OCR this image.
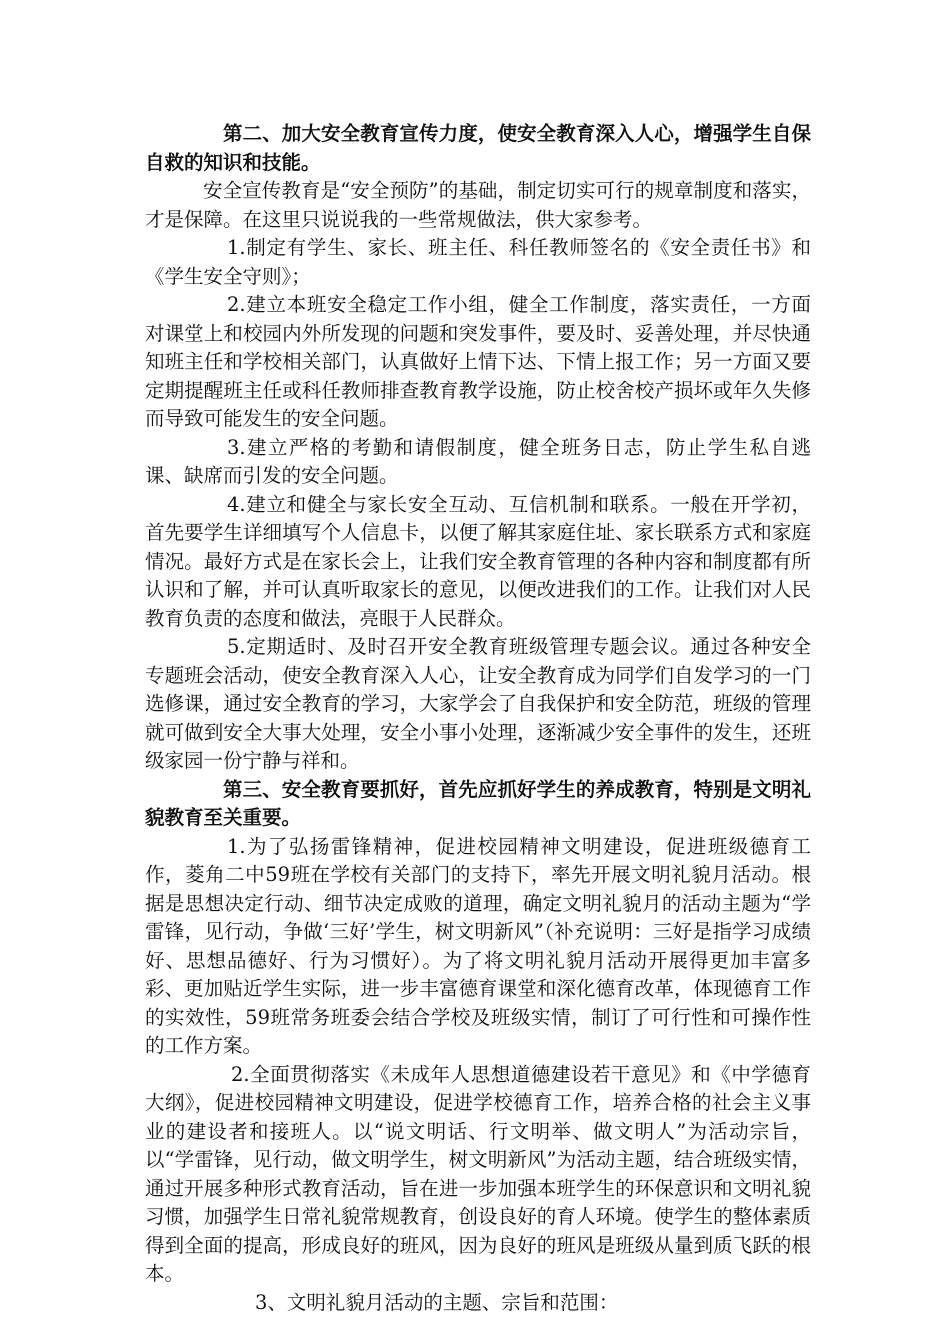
第二、加大安全教育宣传力度，使安全教育深入人心，增强学生自保自救的知识和技能。

安全宣传教育是“安全预防”的基础，制定切实可行的规章制度和落实，才是保障。在这里只说说我的一些常规做法，供大家参考。

1.制定有学生、家长、班主任、科任教师签名的《安全责任书》和《学生安全守则》；

2.建立本班安全稳定工作小组，健全工作制度，落实责任，一方面对课堂上和校园内外所发现的问题和突发事件，要及时、妥善处理，并尽快通知班主任和学校相关部门，认真做好上情下达、下情上报工作；另一方面又要定期提醒班主任或科任教师排查教育教学设施，防止校舍校产损坏或年久失修而导致可能发生的安全问题。

3.建立严格的考勤和请假制度，健全班务日志，防止学生私自逃课、缺席而引发的安全问题。

4.建立和健全与家长安全互动、互信机制和联系。一般在开学初，首先要学生详细填写个人信息卡，以便了解其家庭住址、家长联系方式和家庭情况。最好方式是在家长会上，让我们安全教育管理的各种内容和制度都有所认识和了解，并可认真听取家长的意见，以便改进我们的工作。让我们对人民教育负责的态度和做法，亮眼于人民群众。

5.定期适时、及时召开安全教育班级管理专题会议。通过各种安全专题班会活动，使安全教育深入人心，让安全教育成为同学们自发学习的一门选修课，通过安全教育的学习，大家学会了自我保护和安全防范，班级的管理就可做到安全大事大处理，安全小事小处理，逐渐减少安全事件的发生，还班级家园一份宁静与祥和。

第三、安全教育要抓好，首先应抓好学生的养成教育，特别是文明礼貌教育至关重要。

1.为了弘扬雷锋精神，促进校园精神文明建设，促进班级德育工作，菱角二中59班在学校有关部门的支持下，率先开展文明礼貌月活动。根据是思想决定行动、细节决定成败的道理，确定文明礼貌月的活动主题为“学雷锋，见行动，争做‘三好’学生，树文明新风”（补充说明：三好是指学习成绩好、思想品德好、行为习惯好）。为了将文明礼貌月活动开展得更加丰富多彩、更加贴近学生实际，进一步丰富德育课堂和深化德育改革，体现德育工作的实效性，59班常务班委会结合学校及班级实情，制订了可行性和可操作性的工作方案。

2.全面贯彻落实《未成年人思想道德建设若干意见》和《中学德育大纲》，促进校园精神文明建设，促进学校德育工作，培养合格的社会主义事业的建设者和接班人。以“说文明话、行文明举、做文明人”为活动宗旨，以“学雷锋，见行动，做文明学生，树文明新风”为活动主题，结合班级实情，通过开展多种形式教育活动，旨在进一步加强本班学生的环保意识和文明礼貌习惯，加强学生日常礼貌常规教育，创设良好的育人环境。使学生的整体素质得到全面的提高，形成良好的班风，因为良好的班风是班级从量到质飞跃的根本。

3、文明礼貌月活动的主题、宗旨和范围：
